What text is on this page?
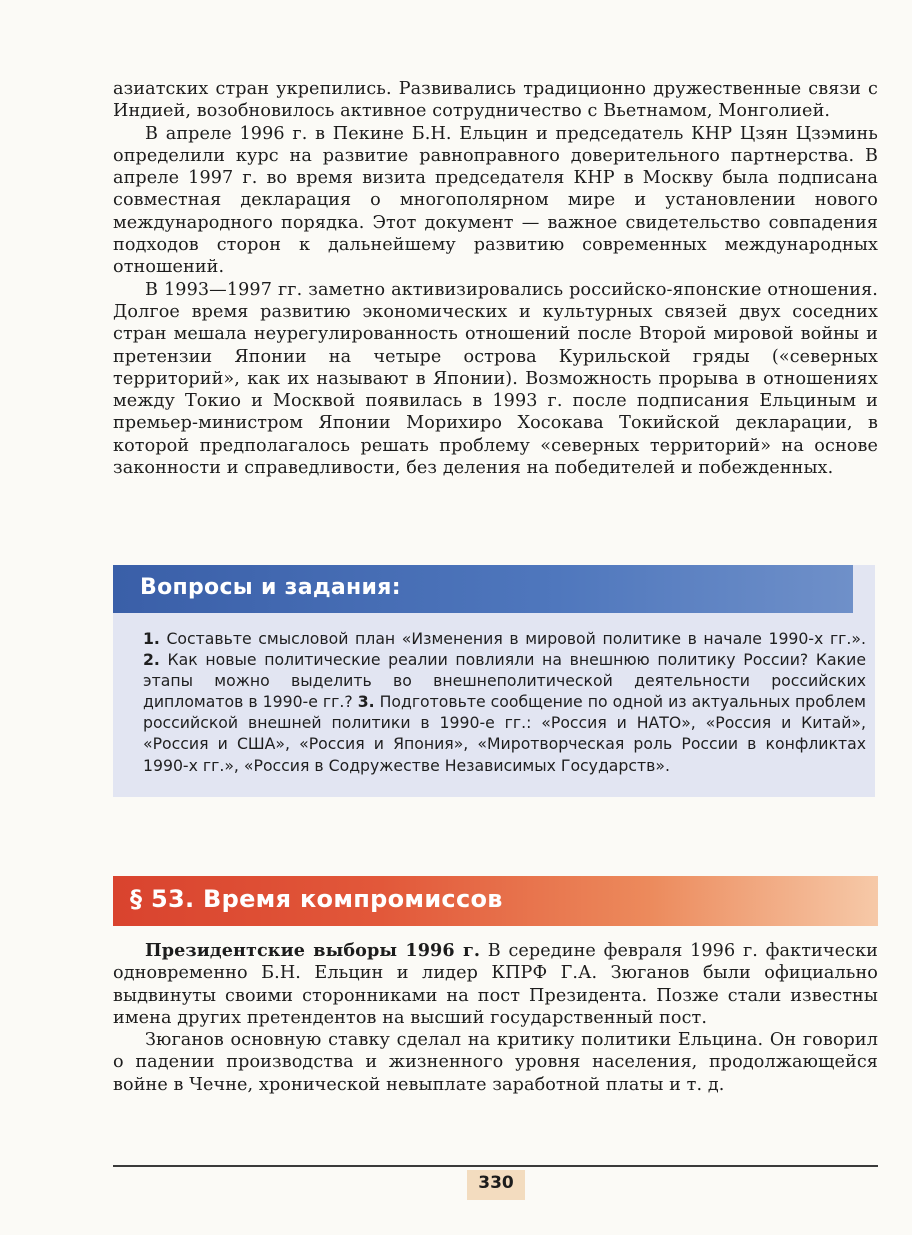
азиатских стран укрепились. Развивались традиционно дружественные связи с Индией, возобновилось активное сотрудничество с Вьетнамом, Монголией.

В апреле 1996 г. в Пекине Б.Н. Ельцин и председатель КНР Цзян Цзэминь определили курс на развитие равноправного доверительного партнерства. В апреле 1997 г. во время визита председателя КНР в Москву была подписана совместная декларация о многополярном мире и установлении нового международного порядка. Этот документ — важное свидетельство совпадения подходов сторон к дальнейшему развитию современных международных отношений.

В 1993—1997 гг. заметно активизировались российско-японские отношения. Долгое время развитию экономических и культурных связей двух соседних стран мешала неурегулированность отношений после Второй мировой войны и претензии Японии на четыре острова Курильской гряды («северных территорий», как их называют в Японии). Возможность прорыва в отношениях между Токио и Москвой появилась в 1993 г. после подписания Ельциным и премьер-министром Японии Морихиро Хосокава Токийской декларации, в которой предполагалось решать проблему «северных территорий» на основе законности и справедливости, без деления на победителей и побежденных.

Вопросы и задания:

1. Составьте смысловой план «Изменения в мировой политике в начале 1990-х гг.». 2. Как новые политические реалии повлияли на внешнюю политику России? Какие этапы можно выделить во внешнеполитической деятельности российских дипломатов в 1990-е гг.? 3. Подготовьте сообщение по одной из актуальных проблем российской внешней политики в 1990-е гг.: «Россия и НАТО», «Россия и Китай», «Россия и США», «Россия и Япония», «Миротворческая роль России в конфликтах 1990-х гг.», «Россия в Содружестве Независимых Государств».

§ 53. Время компромиссов

Президентские выборы 1996 г. В середине февраля 1996 г. фактически одновременно Б.Н. Ельцин и лидер КПРФ Г.А. Зюганов были официально выдвинуты своими сторонниками на пост Президента. Позже стали известны имена других претендентов на высший государственный пост.

Зюганов основную ставку сделал на критику политики Ельцина. Он говорил о падении производства и жизненного уровня населения, продолжающейся войне в Чечне, хронической невыплате заработной платы и т. д.

330
